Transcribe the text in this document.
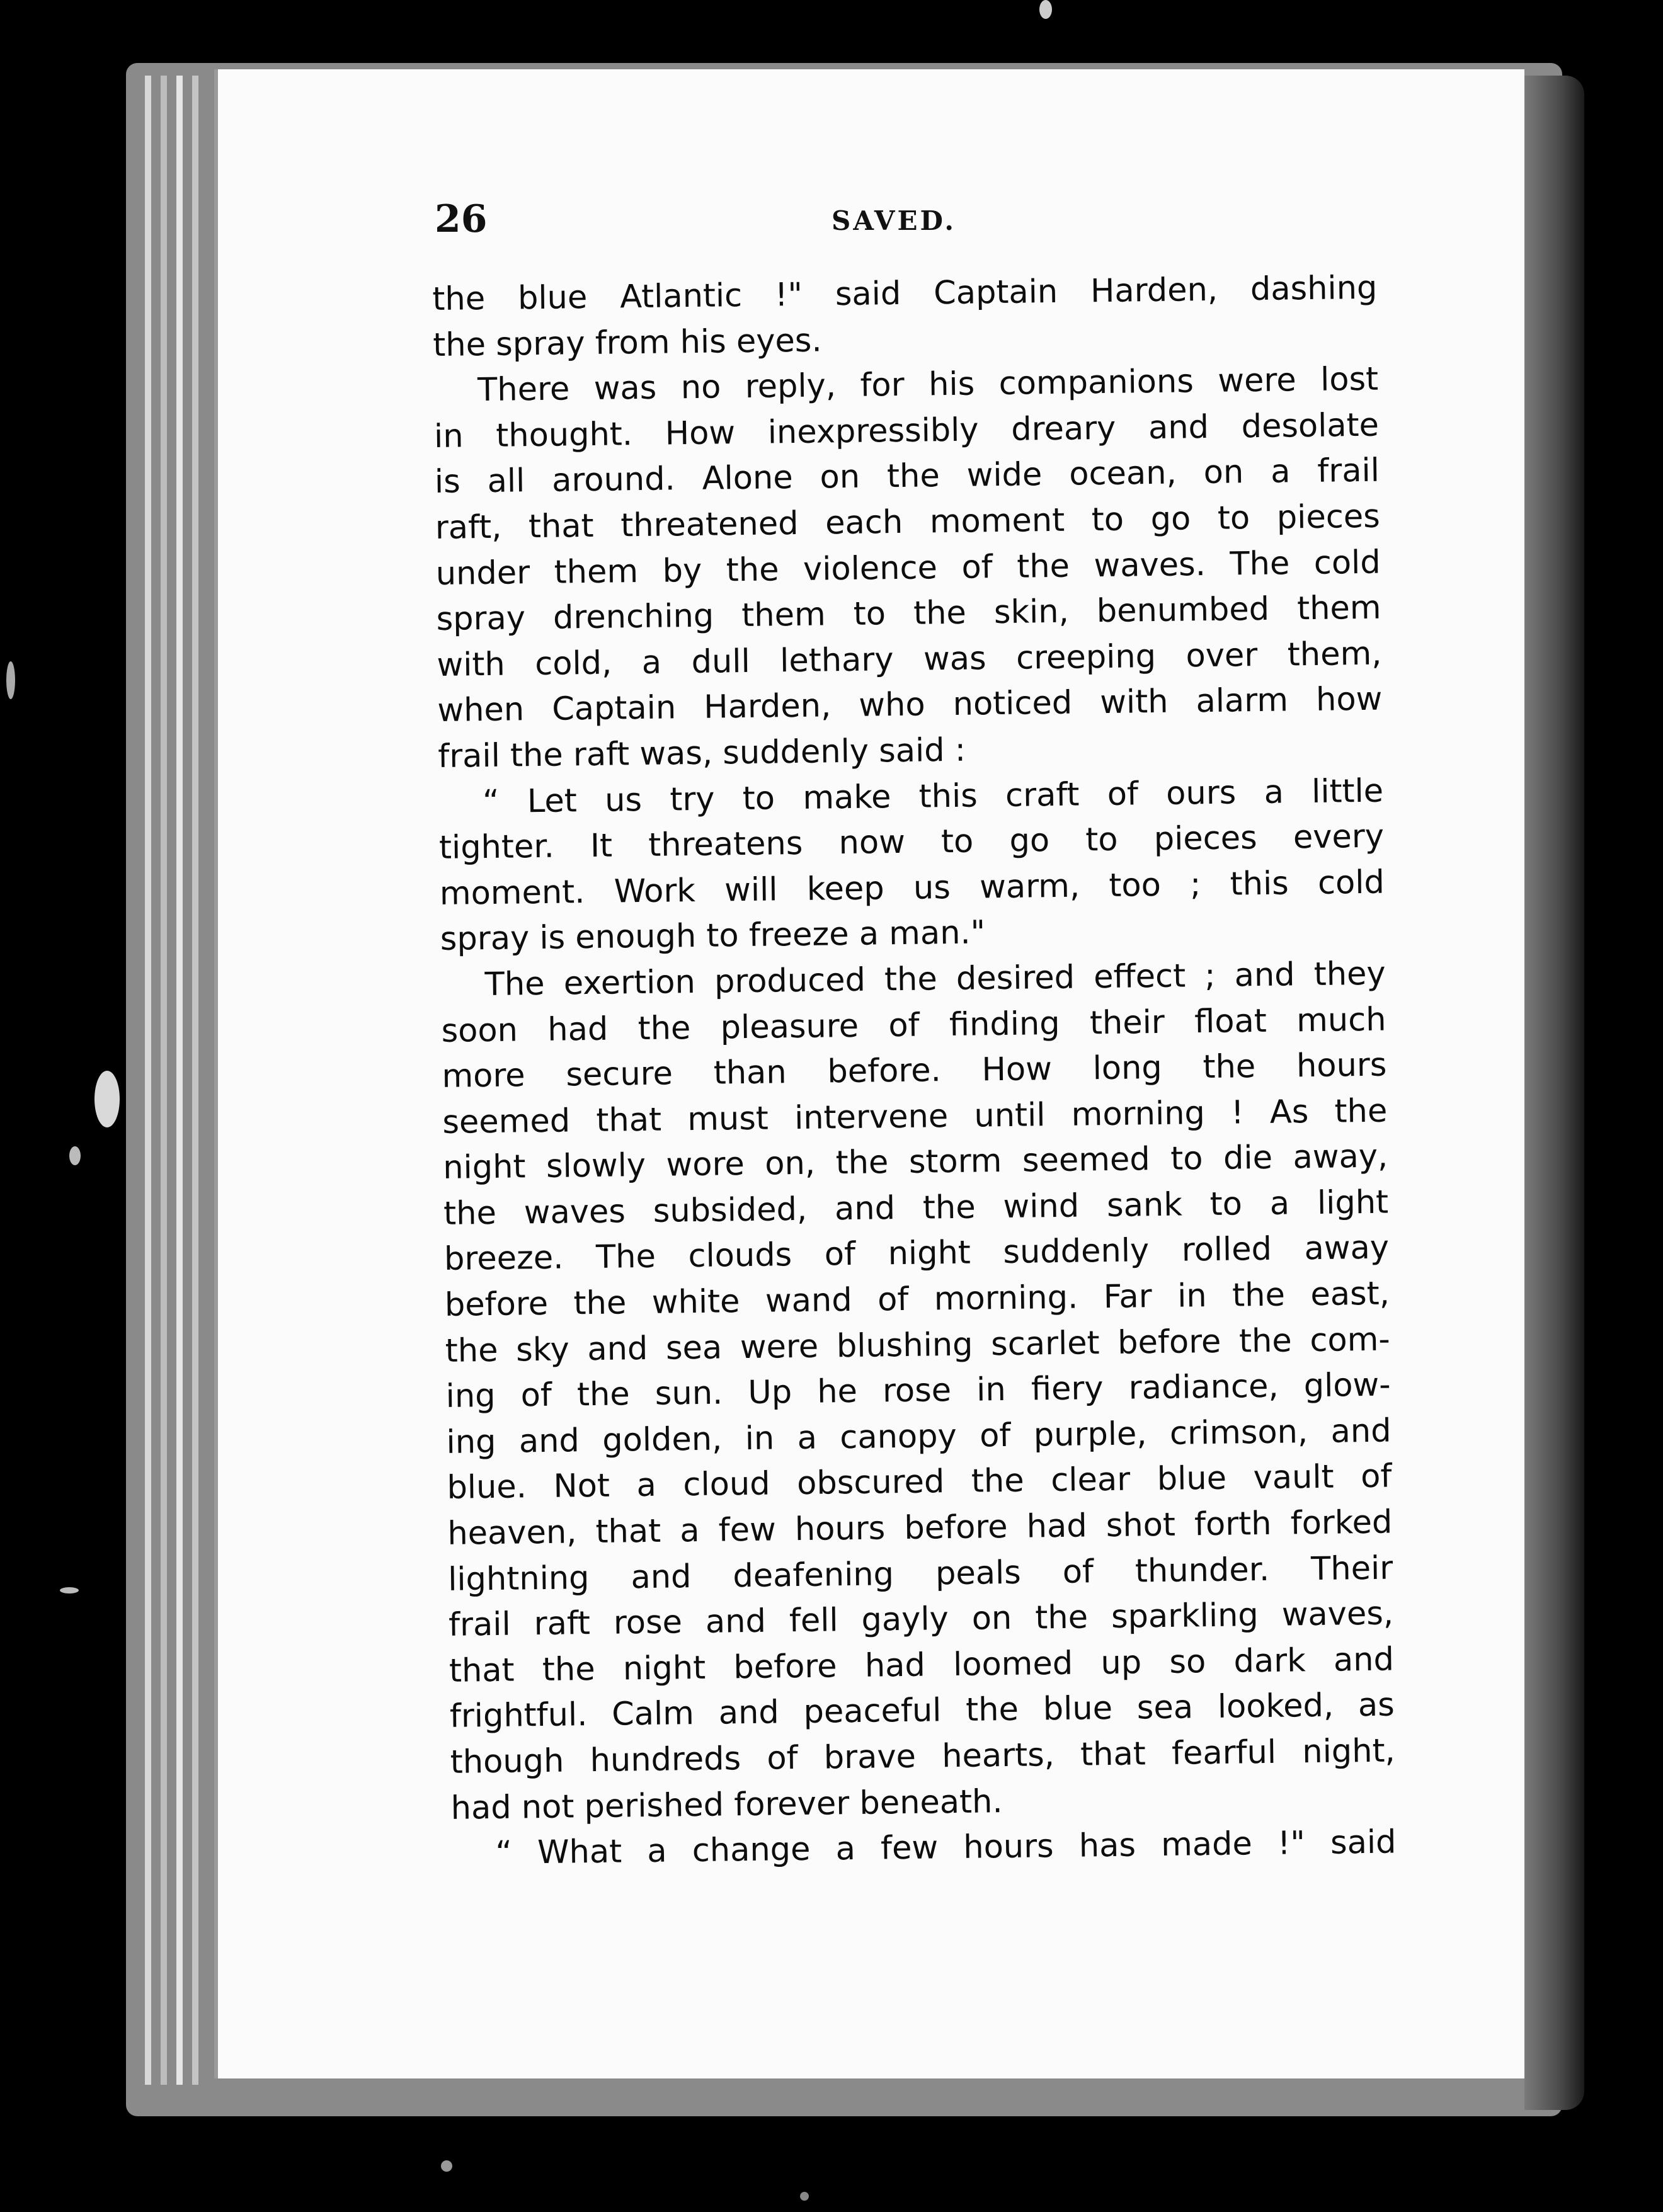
26	SAVED.
the blue Atlantic !" said Captain Harden, dashing
the spray from his eyes.
There was no reply, for his companions were lost
in thought. How inexpressibly dreary and desolate
is all around. Alone on the wide ocean, on a frail
raft, that threatened each moment to go to pieces
under them by the violence of the waves. The cold
spray drenching them to the skin, benumbed them
with cold, a dull lethary was creeping over them,
when Captain Harden, who noticed with alarm how
frail the raft was, suddenly said :
“ Let us try to make this craft of ours a little
tighter. It threatens now to go to pieces every
moment. Work will keep us warm, too ; this cold
spray is enough to freeze a man."
The exertion produced the desired effect ; and they
soon had the pleasure of finding their float much
more secure than before. How long the hours
seemed that must intervene until morning ! As the
night slowly wore on, the storm seemed to die away,
the waves subsided, and the wind sank to a light
breeze. The clouds of night suddenly rolled away
before the white wand of morning. Far in the east,
the sky and sea were blushing scarlet before the com-
ing of the sun. Up he rose in fiery radiance, glow-
ing and golden, in a canopy of purple, crimson, and
blue. Not a cloud obscured the clear blue vault of
heaven, that a few hours before had shot forth forked
lightning and deafening peals of thunder. Their
frail raft rose and fell gayly on the sparkling waves,
that the night before had loomed up so dark and
frightful. Calm and peaceful the blue sea looked, as
though hundreds of brave hearts, that fearful night,
had not perished forever beneath.
“ What a change a few hours has made !" said
